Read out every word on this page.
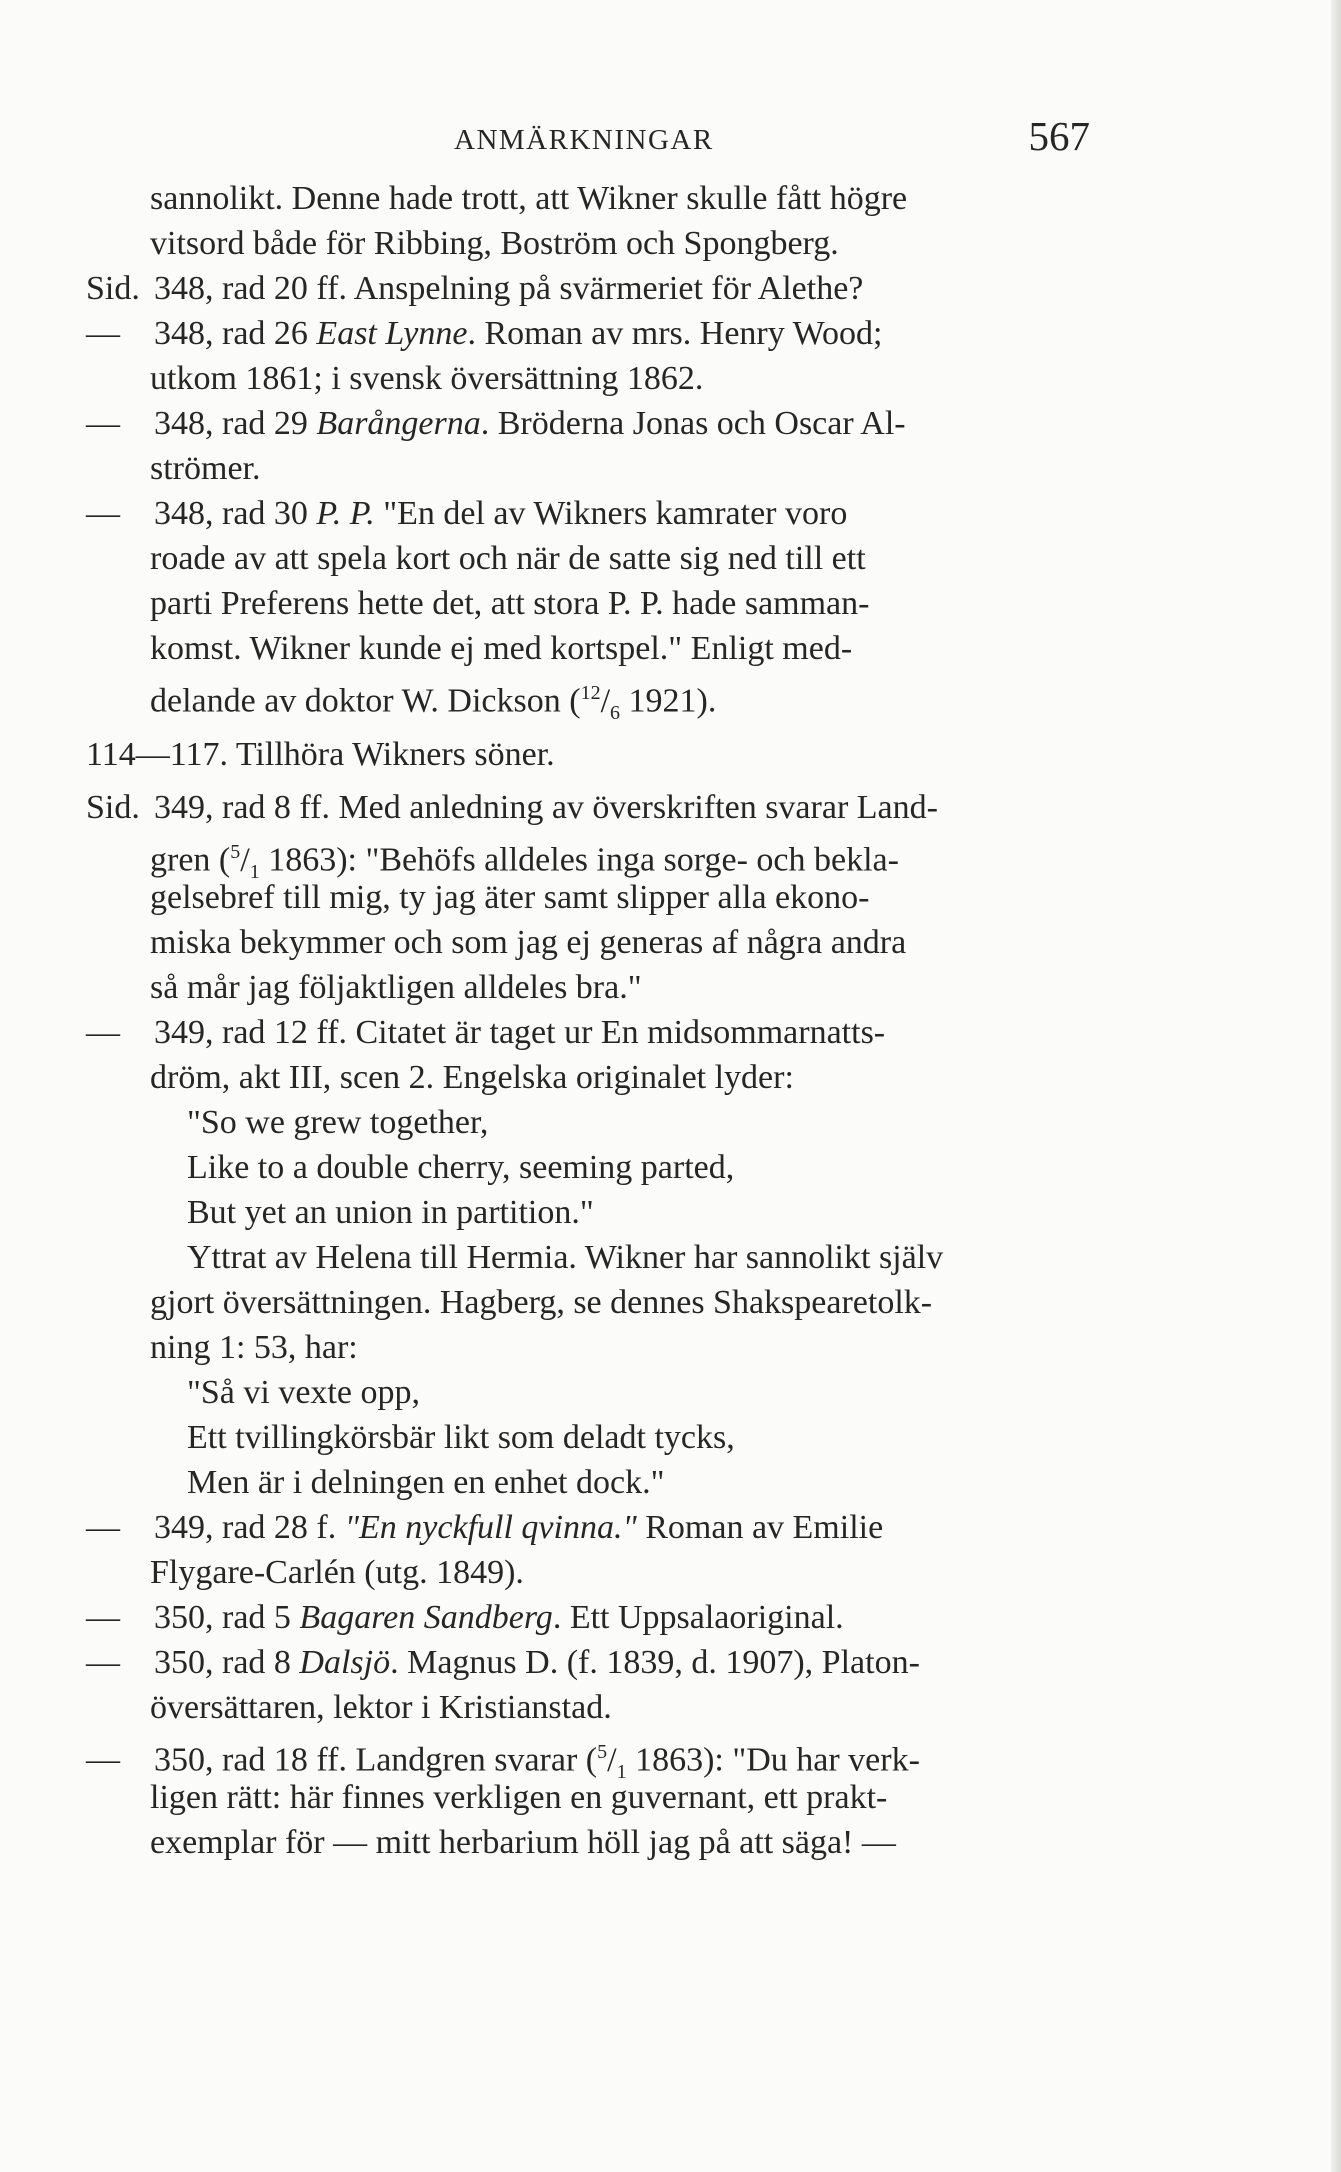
ANMÄRKNINGAR	567
sannolikt. Denne hade trott, att Wikner skulle fått högre
vitsord både för Ribbing, Boström och Spongberg.
Sid. 348, rad 20 ff. Anspelning på svärmeriet för Alethe?
— 348, rad 26 East Lynne. Roman av mrs. Henry Wood;
utkom 1861; i svensk översättning 1862.
— 348, rad 29 Barångerna. Bröderna Jonas och Oscar Al-
strömer.
— 348, rad 30 P. P. "En del av Wikners kamrater voro
roade av att spela kort och när de satte sig ned till ett
parti Preferens hette det, att stora P. P. hade samman-
komst. Wikner kunde ej med kortspel." Enligt med-
delande av doktor W. Dickson ($^{12}/_6$ 1921).
114—117. Tillhöra Wikners söner.
Sid. 349, rad 8 ff. Med anledning av överskriften svarar Land-
gren ($^5/_1$ 1863): "Behöfs alldeles inga sorge- och bekla-
gelsebref till mig, ty jag äter samt slipper alla ekono-
miska bekymmer och som jag ej generas af några andra
så mår jag följaktligen alldeles bra."
— 349, rad 12 ff. Citatet är taget ur En midsommarnatts-
dröm, akt III, scen 2. Engelska originalet lyder:
"So we grew together,
Like to a double cherry, seeming parted,
But yet an union in partition."
Yttrat av Helena till Hermia. Wikner har sannolikt själv
gjort översättningen. Hagberg, se dennes Shakspearetolk-
ning 1: 53, har:
"Så vi vexte opp,
Ett tvillingkörsbär likt som deladt tycks,
Men är i delningen en enhet dock."
— 349, rad 28 f. "En nyckfull qvinna." Roman av Emilie
Flygare-Carlén (utg. 1849).
— 350, rad 5 Bagaren Sandberg. Ett Uppsalaoriginal.
— 350, rad 8 Dalsjö. Magnus D. (f. 1839, d. 1907), Platon-
översättaren, lektor i Kristianstad.
— 350, rad 18 ff. Landgren svarar ($^5/_1$ 1863): "Du har verk-
ligen rätt: här finnes verkligen en guvernant, ett prakt-
exemplar för — mitt herbarium höll jag på att säga! —
